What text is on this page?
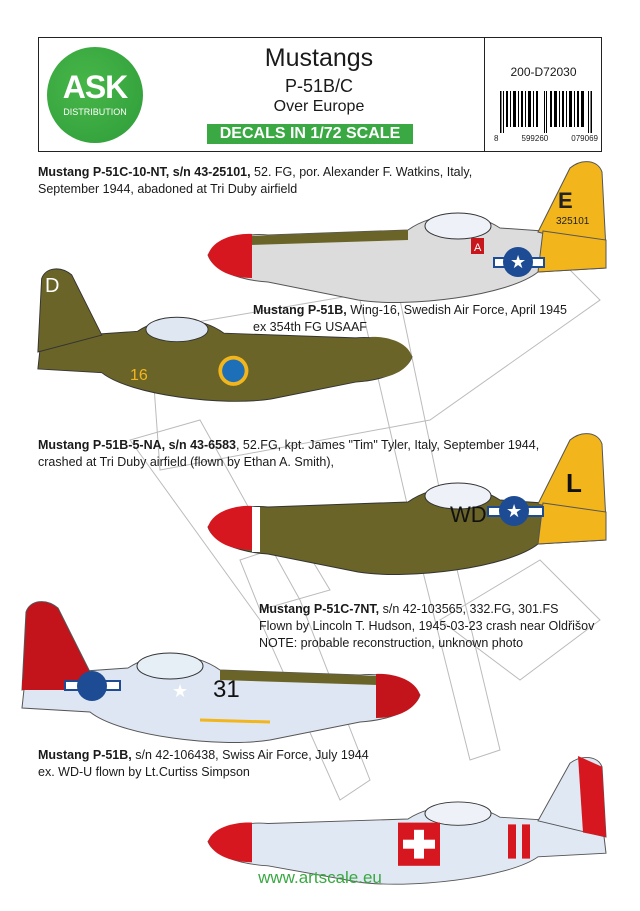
A
★
E
325101
D
16
WD ★
L
31
★
ASK
DISTRIBUTION
Mustangs
P-51B/C
Over Europe
DECALS IN 1/72 SCALE
200-D72030
8	599260	079069
Mustang P-51C-10-NT, s/n 43-25101, 52. FG, por. Alexander F. Watkins, Italy,
September 1944, abadoned at Tri Duby airfield
Mustang P-51B, Wing-16, Swedish Air Force, April 1945
ex 354th FG USAAF
Mustang P-51B-5-NA, s/n 43-6583, 52.FG, kpt. James "Tim" Tyler, Italy, September 1944,
crashed at Tri Duby airfield (flown by Ethan A. Smith),
Mustang P-51C-7NT, s/n 42-103565, 332.FG, 301.FS
Flown by Lincoln T. Hudson, 1945-03-23 crash near Oldřišov
NOTE: probable reconstruction, unknown photo
Mustang P-51B, s/n 42-106438, Swiss Air Force, July 1944
ex. WD-U flown by Lt.Curtiss Simpson
www.artscale.eu
